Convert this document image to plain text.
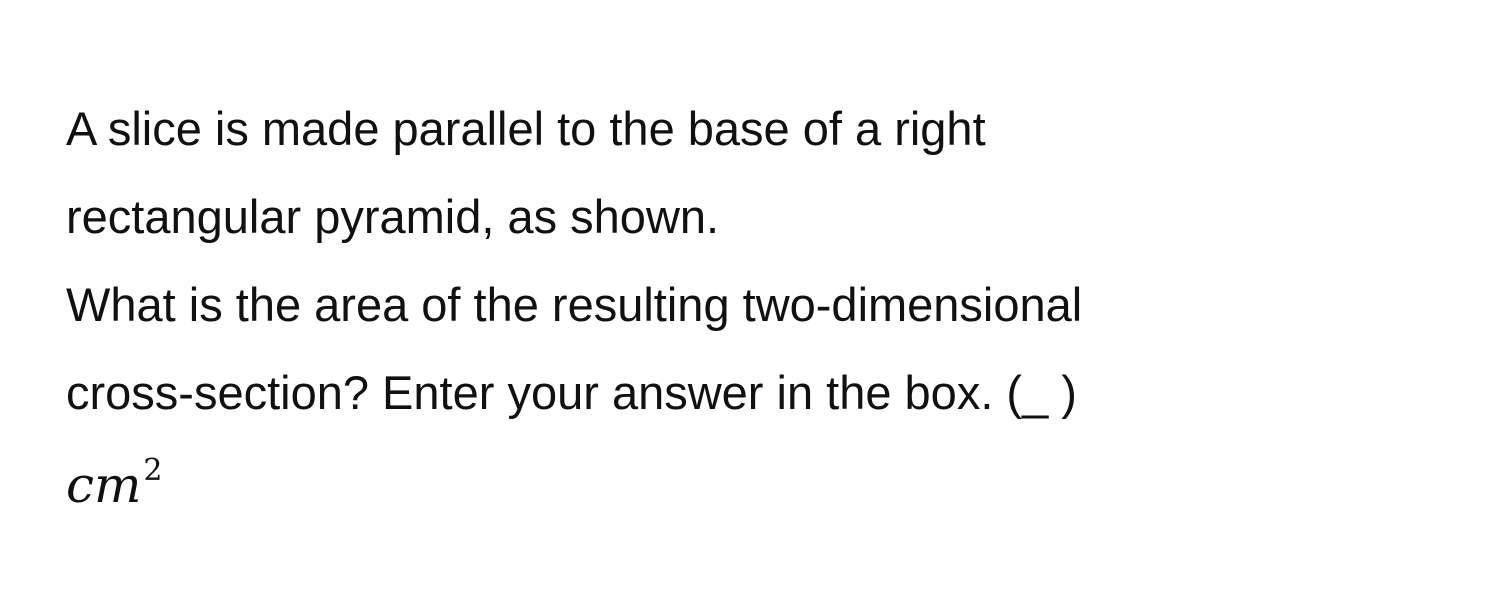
A slice is made parallel to the base of a right
rectangular pyramid, as shown.
What is the area of the resulting two-dimensional
cross-section? Enter your answer in the box. (_ )
$cm^2$
